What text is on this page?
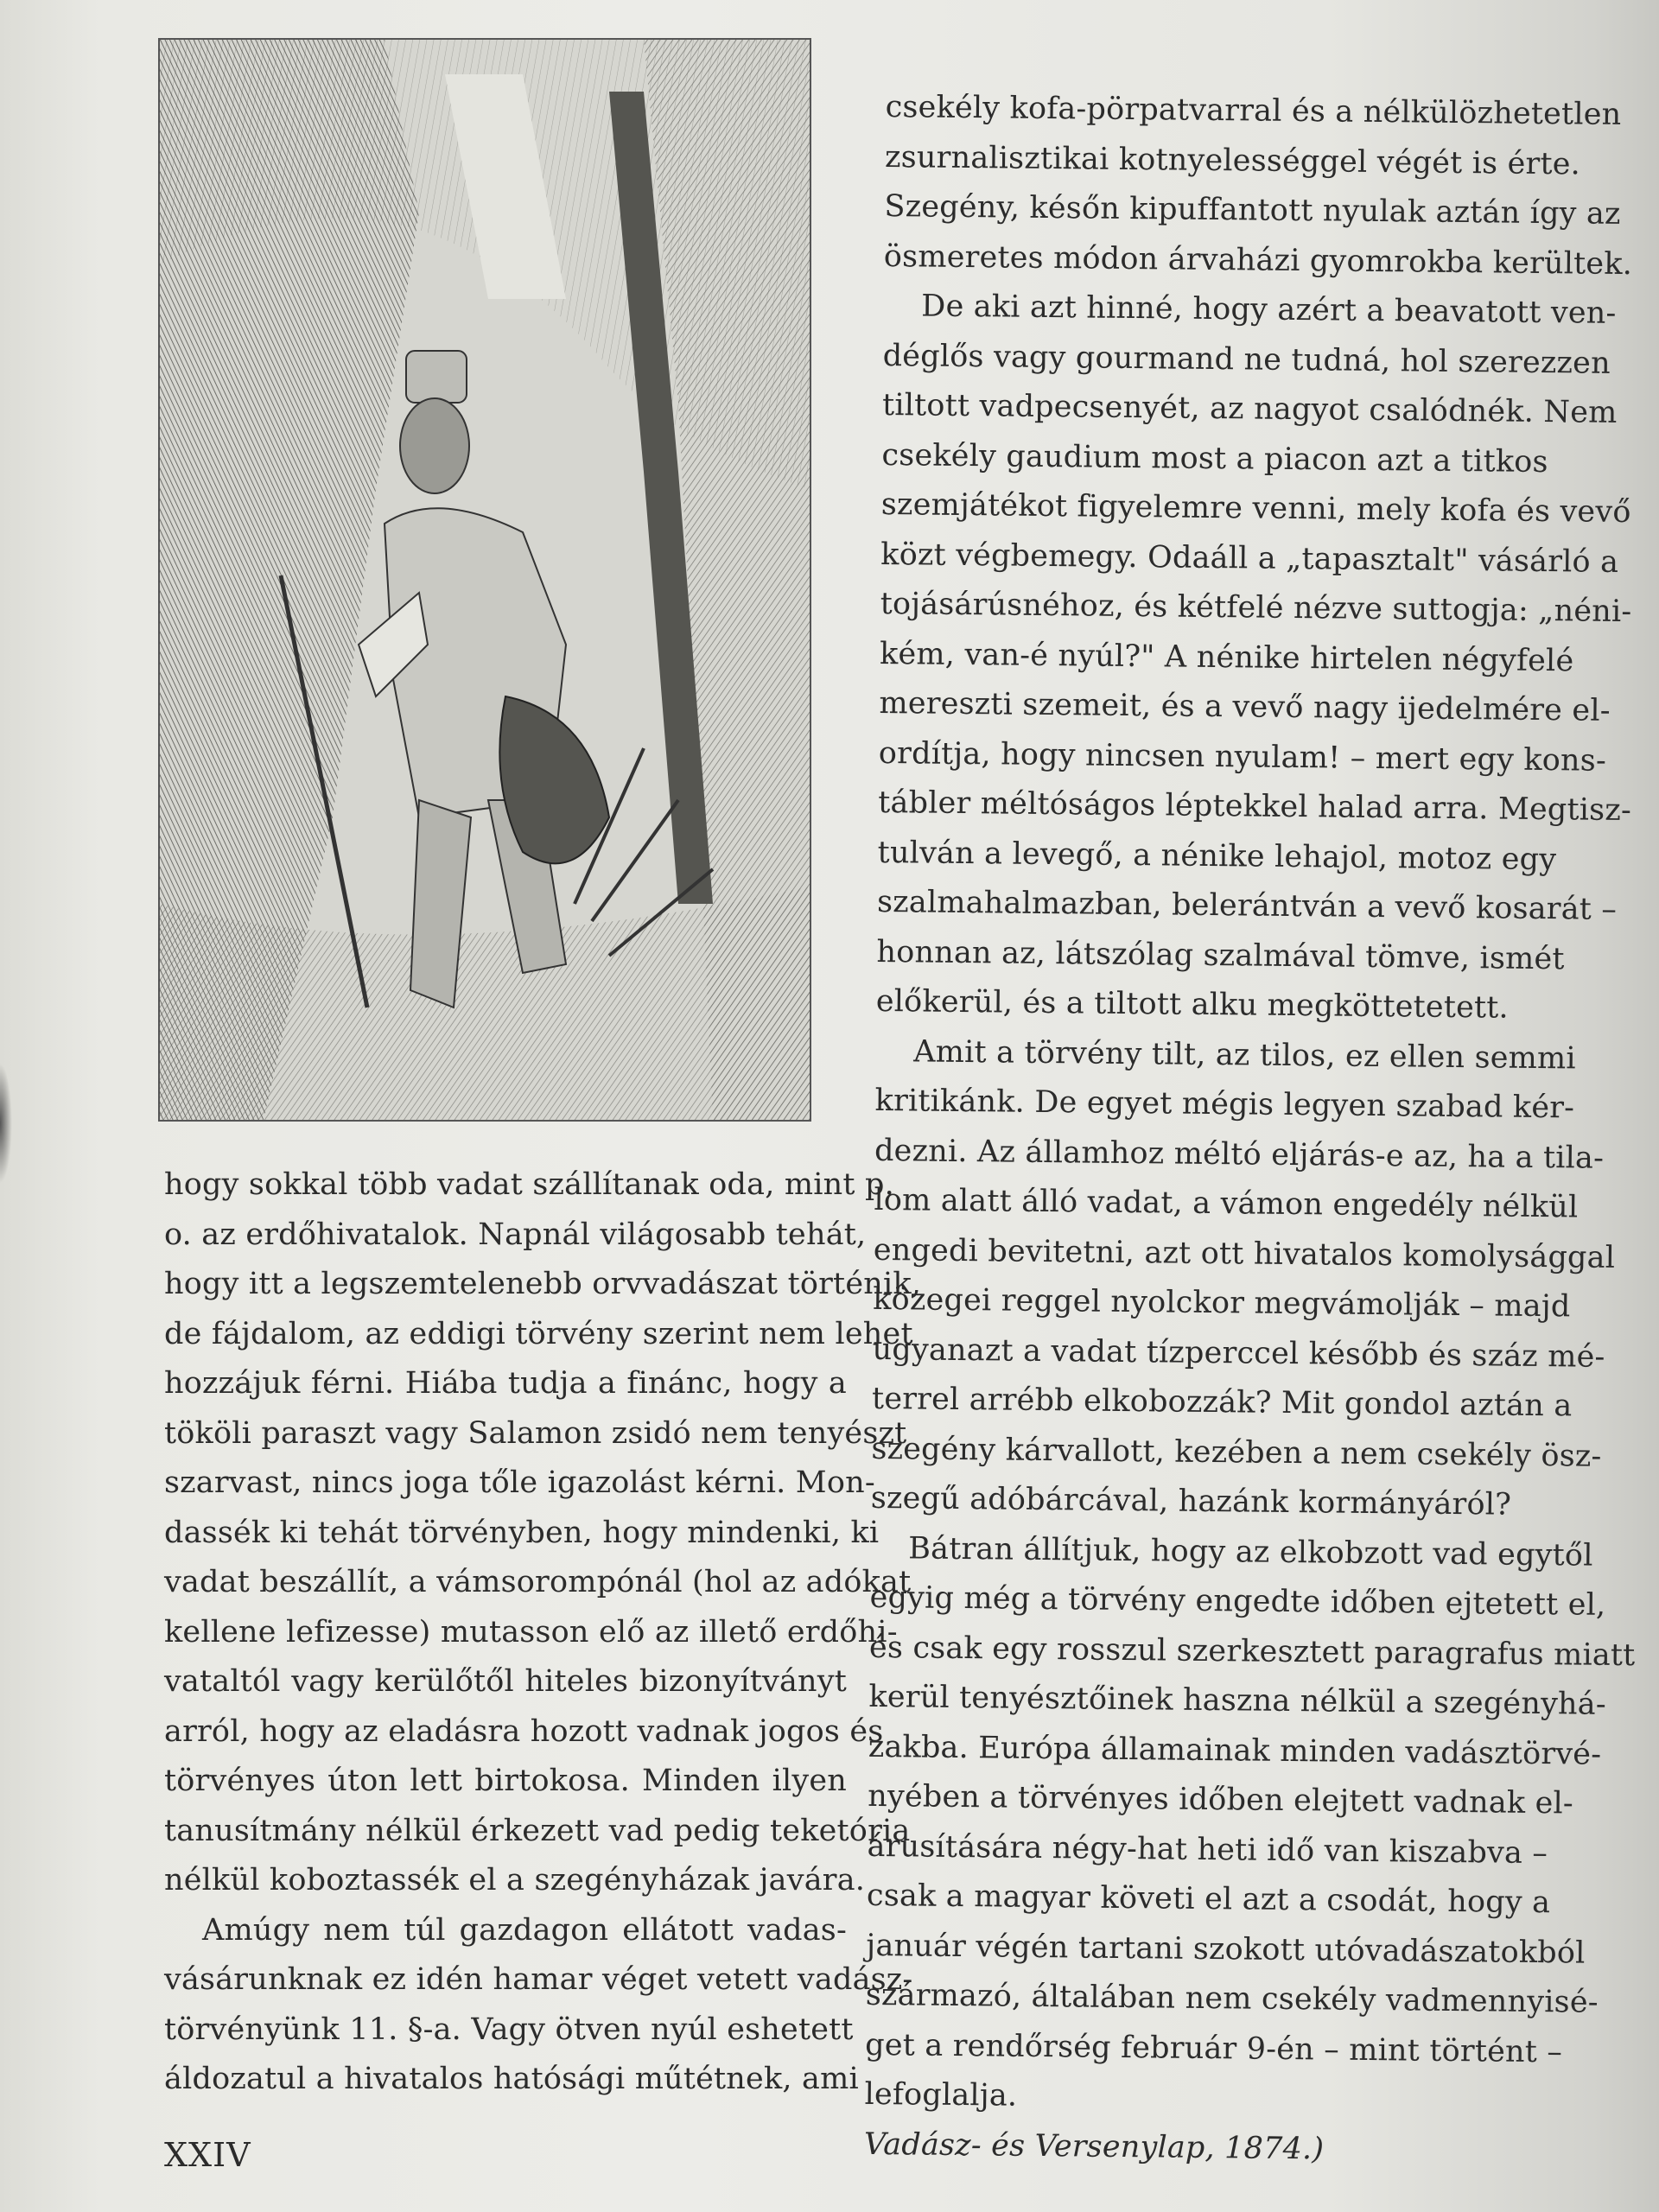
hogy sokkal több vadat szállítanak oda, mint p.
o. az erdőhivatalok. Napnál világosabb tehát,
hogy itt a legszemtelenebb orvvadászat történik,
de fájdalom, az eddigi törvény szerint nem lehet
hozzájuk férni. Hiába tudja a finánc, hogy a
tököli paraszt vagy Salamon zsidó nem tenyészt
szarvast, nincs joga tőle igazolást kérni. Mon-
dassék ki tehát törvényben, hogy mindenki, ki
vadat beszállít, a vámsorompónál (hol az adókat
kellene lefizesse) mutasson elő az illető erdőhi-
vataltól vagy kerülőtől hiteles bizonyítványt
arról, hogy az eladásra hozott vadnak jogos és
törvényes úton lett birtokosa. Minden ilyen
tanusítmány nélkül érkezett vad pedig teketória
nélkül koboztassék el a szegényházak javára.
Amúgy nem túl gazdagon ellátott vadas-
vásárunknak ez idén hamar véget vetett vadász-
törvényünk 11. §-a. Vagy ötven nyúl eshetett
áldozatul a hivatalos hatósági műtétnek, ami
csekély kofa-pörpatvarral és a nélkülözhetetlen
zsurnalisztikai kotnyelességgel végét is érte.
Szegény, későn kipuffantott nyulak aztán így az
ösmeretes módon árvaházi gyomrokba kerültek.
De aki azt hinné, hogy azért a beavatott ven-
déglős vagy gourmand ne tudná, hol szerezzen
tiltott vadpecsenyét, az nagyot csalódnék. Nem
csekély gaudium most a piacon azt a titkos
szemjátékot figyelemre venni, mely kofa és vevő
közt végbemegy. Odaáll a „tapasztalt" vásárló a
tojásárúsnéhoz, és kétfelé nézve suttogja: „néni-
kém, van-é nyúl?" A nénike hirtelen négyfelé
mereszti szemeit, és a vevő nagy ijedelmére el-
ordítja, hogy nincsen nyulam! – mert egy kons-
tábler méltóságos léptekkel halad arra. Megtisz-
tulván a levegő, a nénike lehajol, motoz egy
szalmahalmazban, belerántván a vevő kosarát –
honnan az, látszólag szalmával tömve, ismét
előkerül, és a tiltott alku megköttetetett.
Amit a törvény tilt, az tilos, ez ellen semmi
kritikánk. De egyet mégis legyen szabad kér-
dezni. Az államhoz méltó eljárás-e az, ha a tila-
lom alatt álló vadat, a vámon engedély nélkül
engedi bevitetni, azt ott hivatalos komolysággal
közegei reggel nyolckor megvámolják – majd
ugyanazt a vadat tízperccel később és száz mé-
terrel arrébb elkobozzák? Mit gondol aztán a
szegény kárvallott, kezében a nem csekély ösz-
szegű adóbárcával, hazánk kormányáról?
Bátran állítjuk, hogy az elkobzott vad egytől
egyig még a törvény engedte időben ejtetett el,
és csak egy rosszul szerkesztett paragrafus miatt
kerül tenyésztőinek haszna nélkül a szegényhá-
zakba. Európa államainak minden vadásztörvé-
nyében a törvényes időben elejtett vadnak el-
árusítására négy-hat heti idő van kiszabva –
csak a magyar követi el azt a csodát, hogy a
január végén tartani szokott utóvadászatokból
származó, általában nem csekély vadmennyisé-
get a rendőrség február 9-én – mint történt –
lefoglalja.
Vadász- és Versenylap, 1874.)
XXIV
